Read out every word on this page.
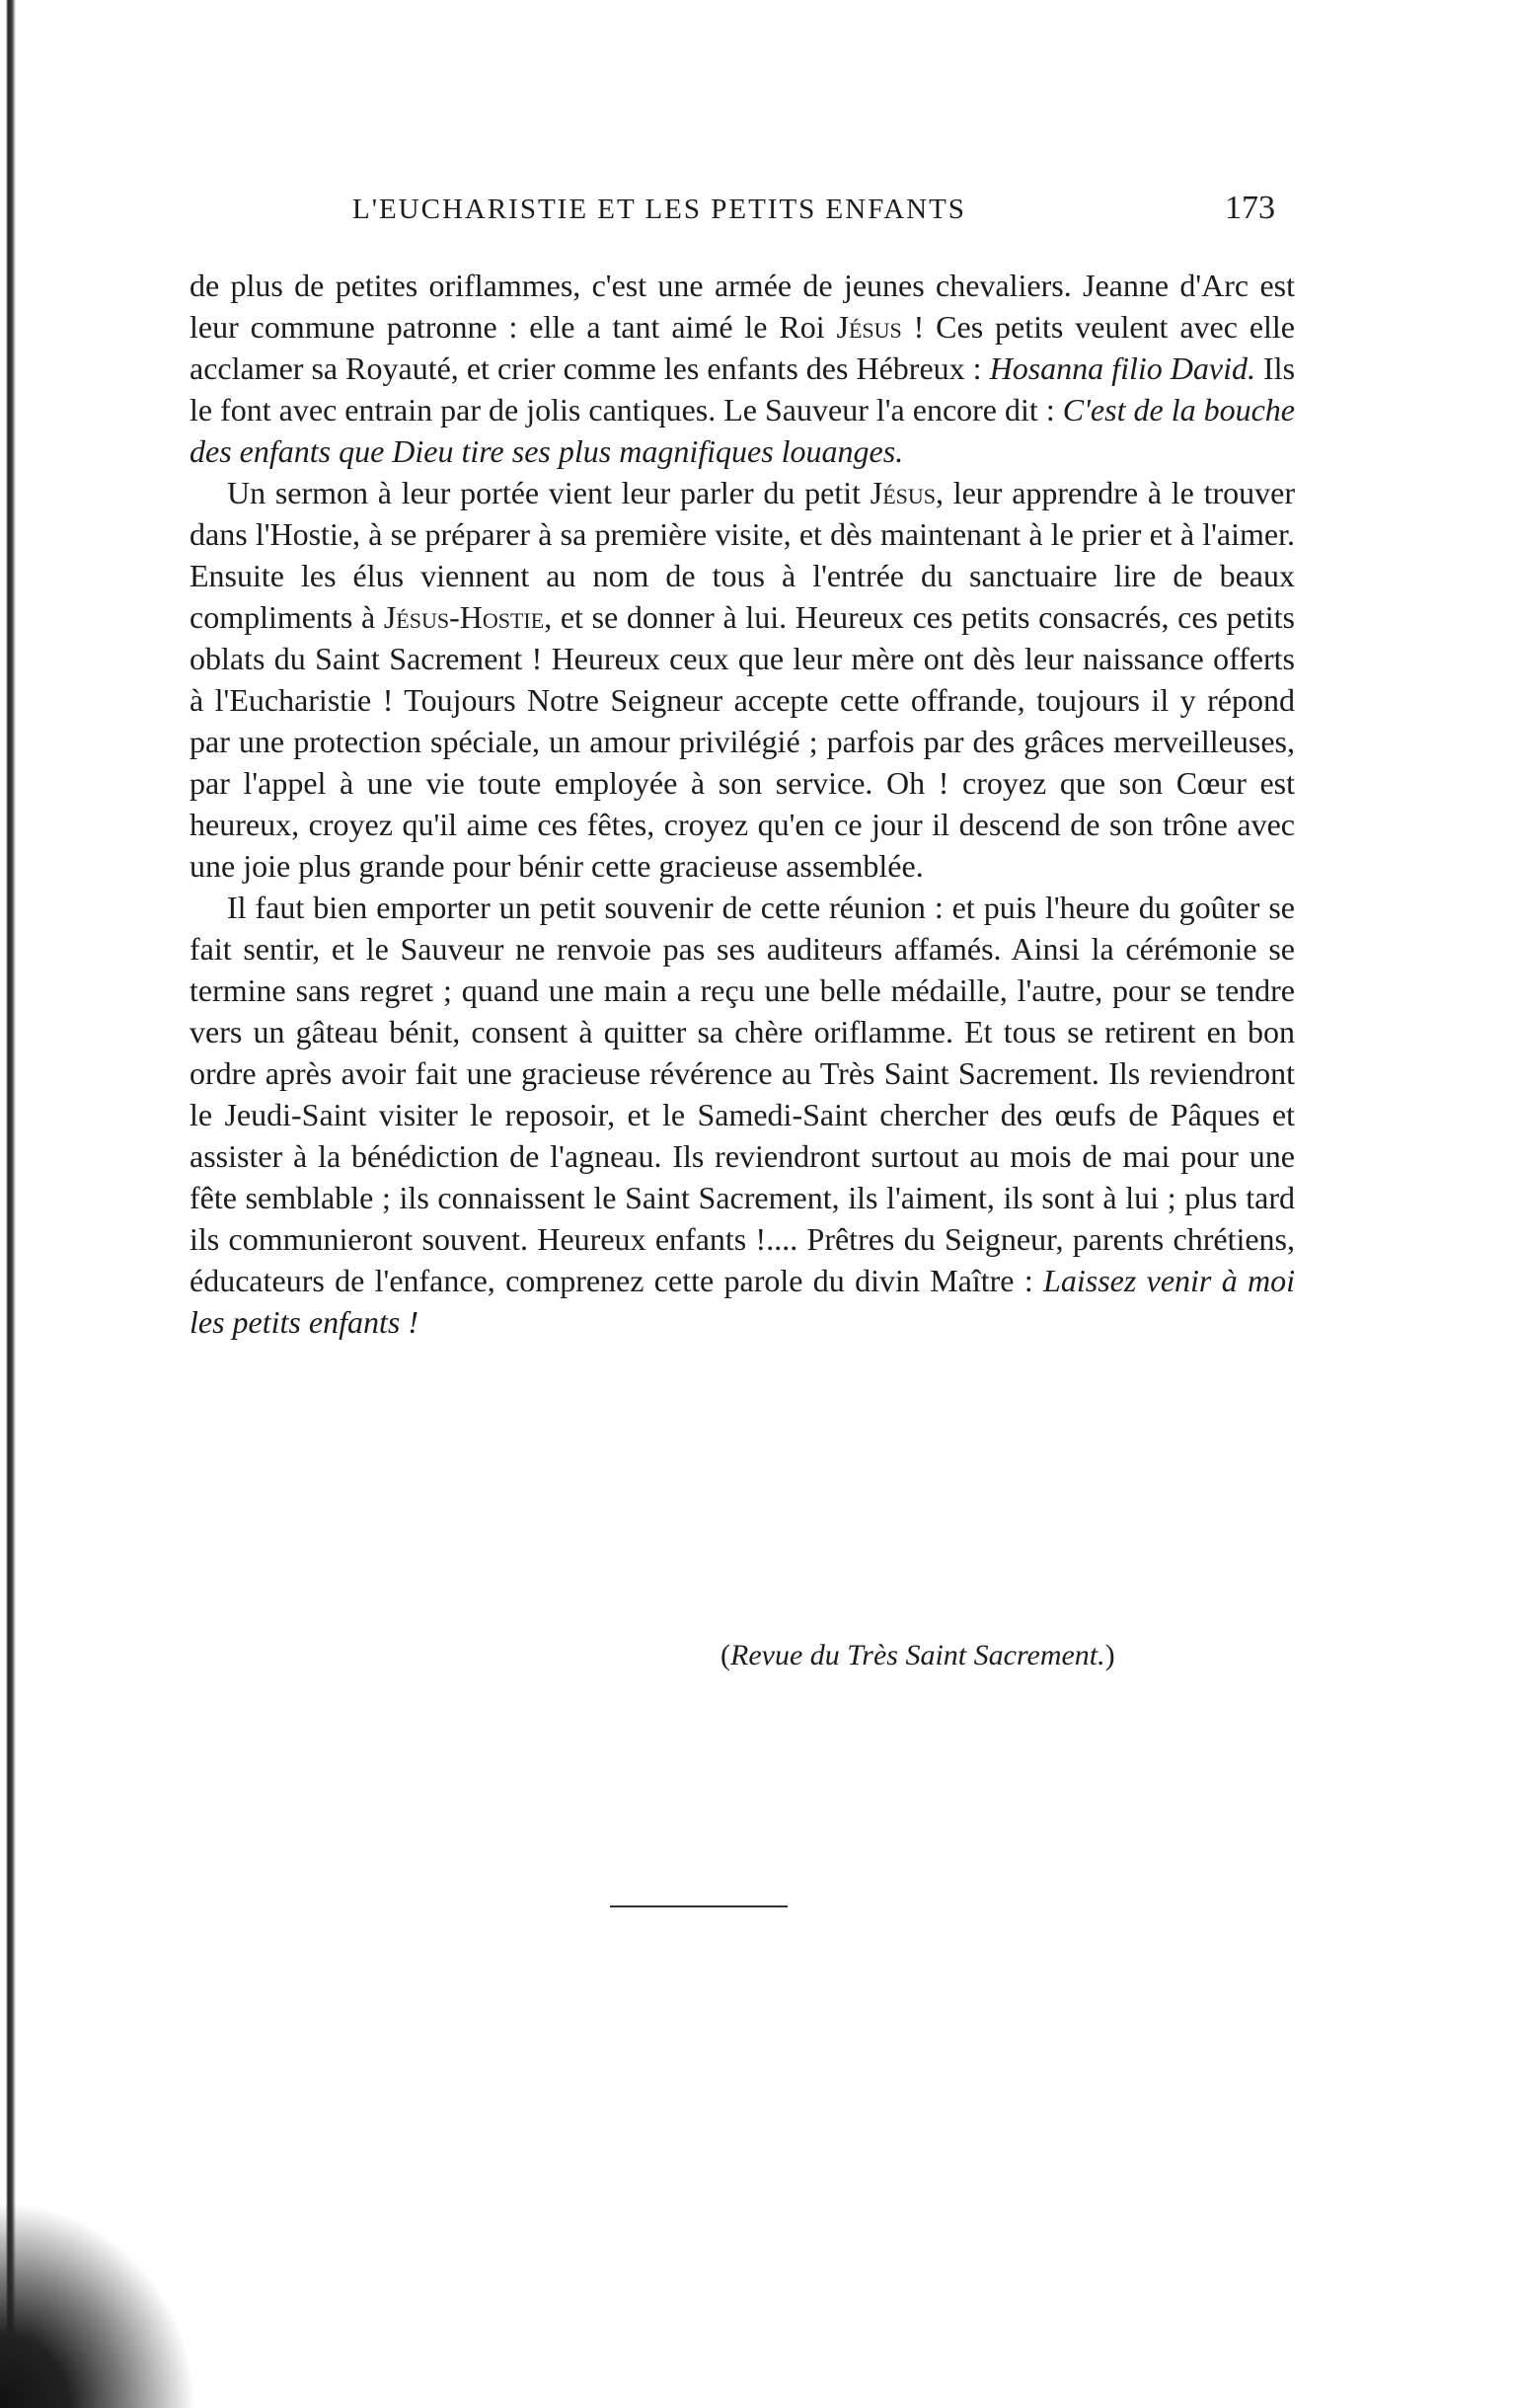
L'EUCHARISTIE ET LES PETITS ENFANTS	173

de plus de petites oriflammes, c'est une armée de jeunes chevaliers. Jeanne d'Arc est leur commune patronne : elle a tant aimé le Roi Jésus ! Ces petits veulent avec elle acclamer sa Royauté, et crier comme les enfants des Hébreux : Hosanna filio David. Ils le font avec entrain par de jolis cantiques. Le Sauveur l'a encore dit : C'est de la bouche des enfants que Dieu tire ses plus magnifiques louanges.

Un sermon à leur portée vient leur parler du petit Jésus, leur apprendre à le trouver dans l'Hostie, à se préparer à sa première visite, et dès maintenant à le prier et à l'aimer. Ensuite les élus viennent au nom de tous à l'entrée du sanctuaire lire de beaux compliments à Jésus-Hostie, et se donner à lui. Heureux ces petits consacrés, ces petits oblats du Saint Sacrement ! Heureux ceux que leur mère ont dès leur naissance offerts à l'Eucharistie ! Toujours Notre Seigneur accepte cette offrande, toujours il y répond par une protection spéciale, un amour privilégié ; parfois par des grâces merveilleuses, par l'appel à une vie toute employée à son service. Oh ! croyez que son Cœur est heureux, croyez qu'il aime ces fêtes, croyez qu'en ce jour il descend de son trône avec une joie plus grande pour bénir cette gracieuse assemblée.

Il faut bien emporter un petit souvenir de cette réunion : et puis l'heure du goûter se fait sentir, et le Sauveur ne renvoie pas ses auditeurs affamés. Ainsi la cérémonie se termine sans regret ; quand une main a reçu une belle médaille, l'autre, pour se tendre vers un gâteau bénit, consent à quitter sa chère oriflamme. Et tous se retirent en bon ordre après avoir fait une gracieuse révérence au Très Saint Sacrement. Ils reviendront le Jeudi-Saint visiter le reposoir, et le Samedi-Saint chercher des œufs de Pâques et assister à la bénédiction de l'agneau. Ils reviendront surtout au mois de mai pour une fête semblable ; ils connaissent le Saint Sacrement, ils l'aiment, ils sont à lui ; plus tard ils communieront souvent. Heureux enfants !.... Prêtres du Seigneur, parents chrétiens, éducateurs de l'enfance, comprenez cette parole du divin Maître : Laissez venir à moi les petits enfants !

(Revue du Très Saint Sacrement.)
